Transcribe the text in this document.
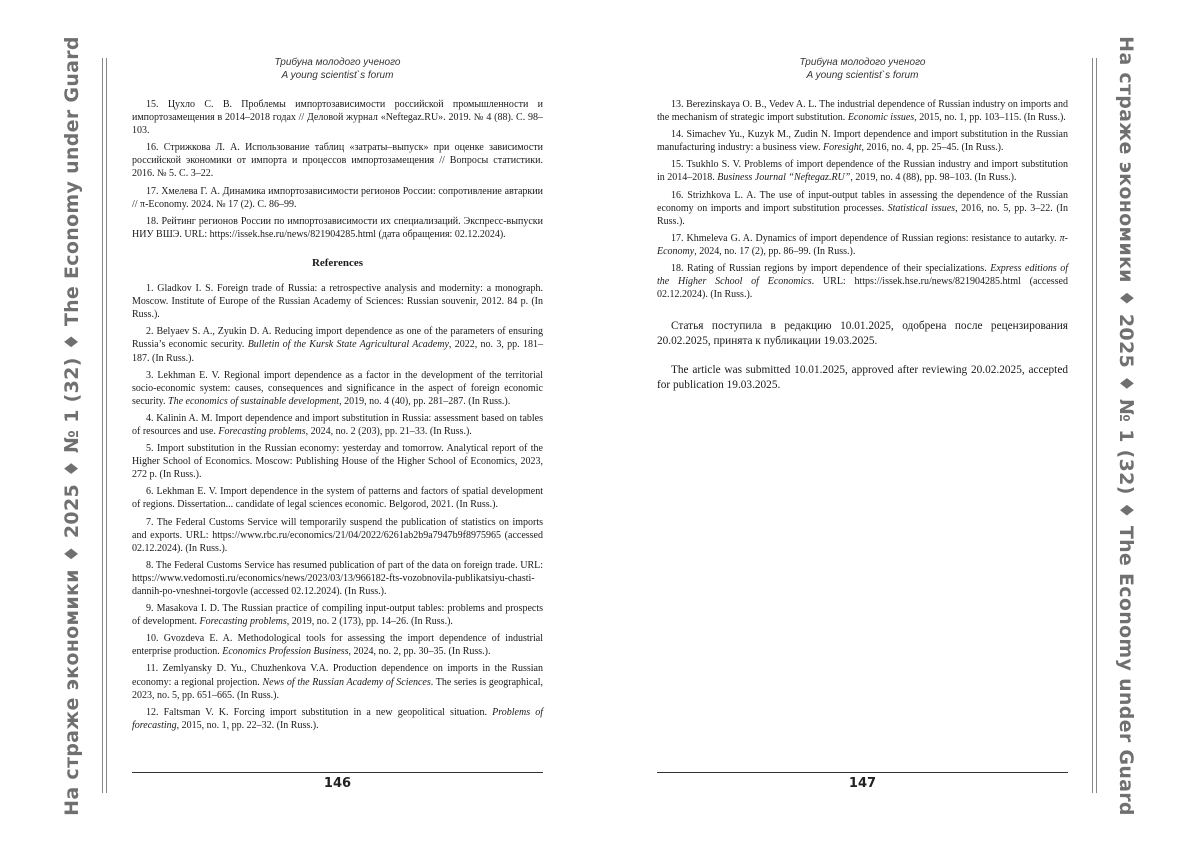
На страже экономики ♦ 2025 ♦ № 1 (32) ♦ The Economy under Guard	Трибуна молодого ученого
A young scientist`s forum

15. Цухло С. В. Проблемы импортозависимости российской промышленности и импортозамещения в 2014–2018 годах // Деловой журнал «Neftegaz.RU». 2019. № 4 (88). С. 98–103.

16. Стрижкова Л. А. Использование таблиц «затраты–выпуск» при оценке зависимости российской экономики от импорта и процессов импортозамещения // Вопросы статистики. 2016. № 5. С. 3–22.

17. Хмелева Г. А. Динамика импортозависимости регионов России: сопротивление автаркии // π-Economy. 2024. № 17 (2). С. 86–99.

18. Рейтинг регионов России по импортозависимости их специализаций. Экспресс-выпуски НИУ ВШЭ. URL: https://issek.hse.ru/news/821904285.html (дата обращения: 02.12.2024).

References

1. Gladkov I. S. Foreign trade of Russia: a retrospective analysis and modernity: a monograph. Moscow. Institute of Europe of the Russian Academy of Sciences: Russian souvenir, 2012. 84 p. (In Russ.).

2. Belyaev S. A., Zyukin D. A. Reducing import dependence as one of the parameters of ensuring Russia’s economic security. Bulletin of the Kursk State Agricultural Academy, 2022, no. 3, pp. 181–187. (In Russ.).

3. Lekhman E. V. Regional import dependence as a factor in the development of the territorial socio-economic system: causes, consequences and significance in the aspect of foreign economic security. The economics of sustainable development, 2019, no. 4 (40), pp. 281–287. (In Russ.).

4. Kalinin A. M. Import dependence and import substitution in Russia: assessment based on tables of resources and use. Forecasting problems, 2024, no. 2 (203), pp. 21–33. (In Russ.).

5. Import substitution in the Russian economy: yesterday and tomorrow. Analytical report of the Higher School of Economics. Moscow: Publishing House of the Higher School of Economics, 2023, 272 p. (In Russ.).

6. Lekhman E. V. Import dependence in the system of patterns and factors of spatial development of regions. Dissertation... candidate of legal sciences economic. Belgorod, 2021. (In Russ.).

7. The Federal Customs Service will temporarily suspend the publication of statistics on imports and exports. URL: https://www.rbc.ru/economics/21/04/2022/6261ab2b9a7947b9f8975965 (accessed 02.12.2024). (In Russ.).

8. The Federal Customs Service has resumed publication of part of the data on foreign trade. URL: https://www.vedomosti.ru/economics/news/2023/03/13/966182-fts-vozobnovila-publikatsiyu-chasti-dannih-po-vneshnei-torgovle (accessed 02.12.2024). (In Russ.).

9. Masakova I. D. The Russian practice of compiling input-output tables: problems and prospects of development. Forecasting problems, 2019, no. 2 (173), pp. 14–26. (In Russ.).

10. Gvozdeva E. A. Methodological tools for assessing the import dependence of industrial enterprise production. Economics Profession Business, 2024, no. 2, pp. 30–35. (In Russ.).

11. Zemlyansky D. Yu., Chuzhenkova V.A. Production dependence on imports in the Russian economy: a regional projection. News of the Russian Academy of Sciences. The series is geographical, 2023, no. 5, pp. 651–665. (In Russ.).

12. Faltsman V. K. Forcing import substitution in a new geopolitical situation. Problems of forecasting, 2015, no. 1, pp. 22–32. (In Russ.).

146
Трибуна молодого ученого
A young scientist`s forum

13. Berezinskaya O. B., Vedev A. L. The industrial dependence of Russian industry on imports and the mechanism of strategic import substitution. Economic issues, 2015, no. 1, pp. 103–115. (In Russ.).

14. Simachev Yu., Kuzyk M., Zudin N. Import dependence and import substitution in the Russian manufacturing industry: a business view. Foresight, 2016, no. 4, pp. 25–45. (In Russ.).

15. Tsukhlo S. V. Problems of import dependence of the Russian industry and import substitution in 2014–2018. Business Journal “Neftegaz.RU”, 2019, no. 4 (88), pp. 98–103. (In Russ.).

16. Strizhkova L. A. The use of input-output tables in assessing the dependence of the Russian economy on imports and import substitution processes. Statistical issues, 2016, no. 5, pp. 3–22. (In Russ.).

17. Khmeleva G. A. Dynamics of import dependence of Russian regions: resistance to autarky. π-Economy, 2024, no. 17 (2), pp. 86–99. (In Russ.).

18. Rating of Russian regions by import dependence of their specializations. Express editions of the Higher School of Economics. URL: https://issek.hse.ru/news/821904285.html (accessed 02.12.2024). (In Russ.).

Статья поступила в редакцию 10.01.2025, одобрена после рецензирования 20.02.2025, принята к публикации 19.03.2025.

The article was submitted 10.01.2025, approved after reviewing 20.02.2025, accepted for publication 19.03.2025.

147	На страже экономики ♦ 2025 ♦ № 1 (32) ♦ The Economy under Guard
